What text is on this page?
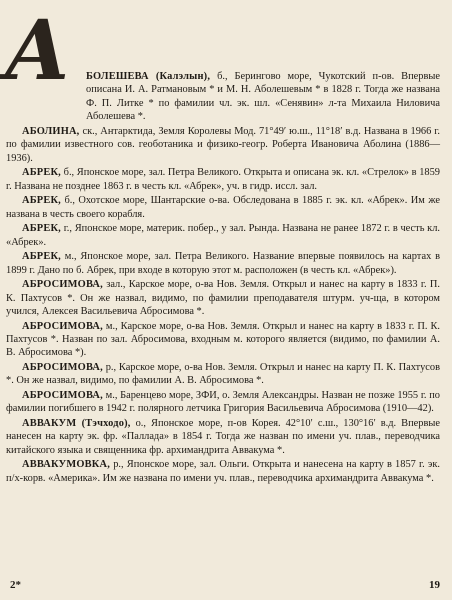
А	БОЛЕШЕВА (Калэлын), б., Берингово море, Чукотский п-ов. Впервые описана И. А. Ратмановым * и М. Н. Аболешевым * в 1828 г. Тогда же названа Ф. П. Литке * по фамилии чл. эк. шл. «Сенявин» л-та Михаила Ниловича Аболешева *.

АБОЛИНА, ск., Антарктида, Земля Королевы Мод. 71°49′ ю.ш., 11°18′ в.д. Названа в 1966 г. по фамилии известного сов. геоботаника и физико-геогр. Роберта Ивановича Аболина (1886—1936).

АБРЕК, б., Японское море, зал. Петра Великого. Открыта и описана эк. кл. «Стрелок» в 1859 г. Названа не позднее 1863 г. в честь кл. «Абрек», уч. в гидр. иссл. зал.

АБРЕК, б., Охотское море, Шантарские о-ва. Обследована в 1885 г. эк. кл. «Абрек». Им же названа в честь своего корабля.

АБРЕК, г., Японское море, материк. побер., у зал. Рында. Названа не ранее 1872 г. в честь кл. «Абрек».

АБРЕК, м., Японское море, зал. Петра Великого. Название впервые появилось на картах в 1899 г. Дано по б. Абрек, при входе в которую этот м. расположен (в честь кл. «Абрек»).

АБРОСИМОВА, зал., Карское море, о-ва Нов. Земля. Открыл и нанес на карту в 1833 г. П. К. Пахтусов *. Он же назвал, видимо, по фамилии преподавателя штурм. уч-ща, в котором учился, Алексея Васильевича Абросимова *.

АБРОСИМОВА, м., Карское море, о-ва Нов. Земля. Открыл и нанес на карту в 1833 г. П. К. Пахтусов *. Назван по зал. Абросимова, входным м. которого является (видимо, по фамилии А. В. Абросимова *).

АБРОСИМОВА, р., Карское море, о-ва Нов. Земля. Открыл и нанес на карту П. К. Пахтусов *. Он же назвал, видимо, по фамилии А. В. Абросимова *.

АБРОСИМОВА, м., Баренцево море, ЗФИ, о. Земля Александры. Назван не позже 1955 г. по фамилии погибшего в 1942 г. полярного летчика Григория Васильевича Абросимова (1910—42).

АВВАКУМ (Тэчходо), о., Японское море, п-ов Корея. 42°10′ с.ш., 130°16′ в.д. Впервые нанесен на карту эк. фр. «Паллада» в 1854 г. Тогда же назван по имени уч. плав., переводчика китайского языка и священника фр. архимандрита Аввакума *.

АВВАКУМОВКА, р., Японское море, зал. Ольги. Открыта и нанесена на карту в 1857 г. эк. п/х-корв. «Америка». Им же названа по имени уч. плав., переводчика архимандрита Аввакума *.

2*	19
